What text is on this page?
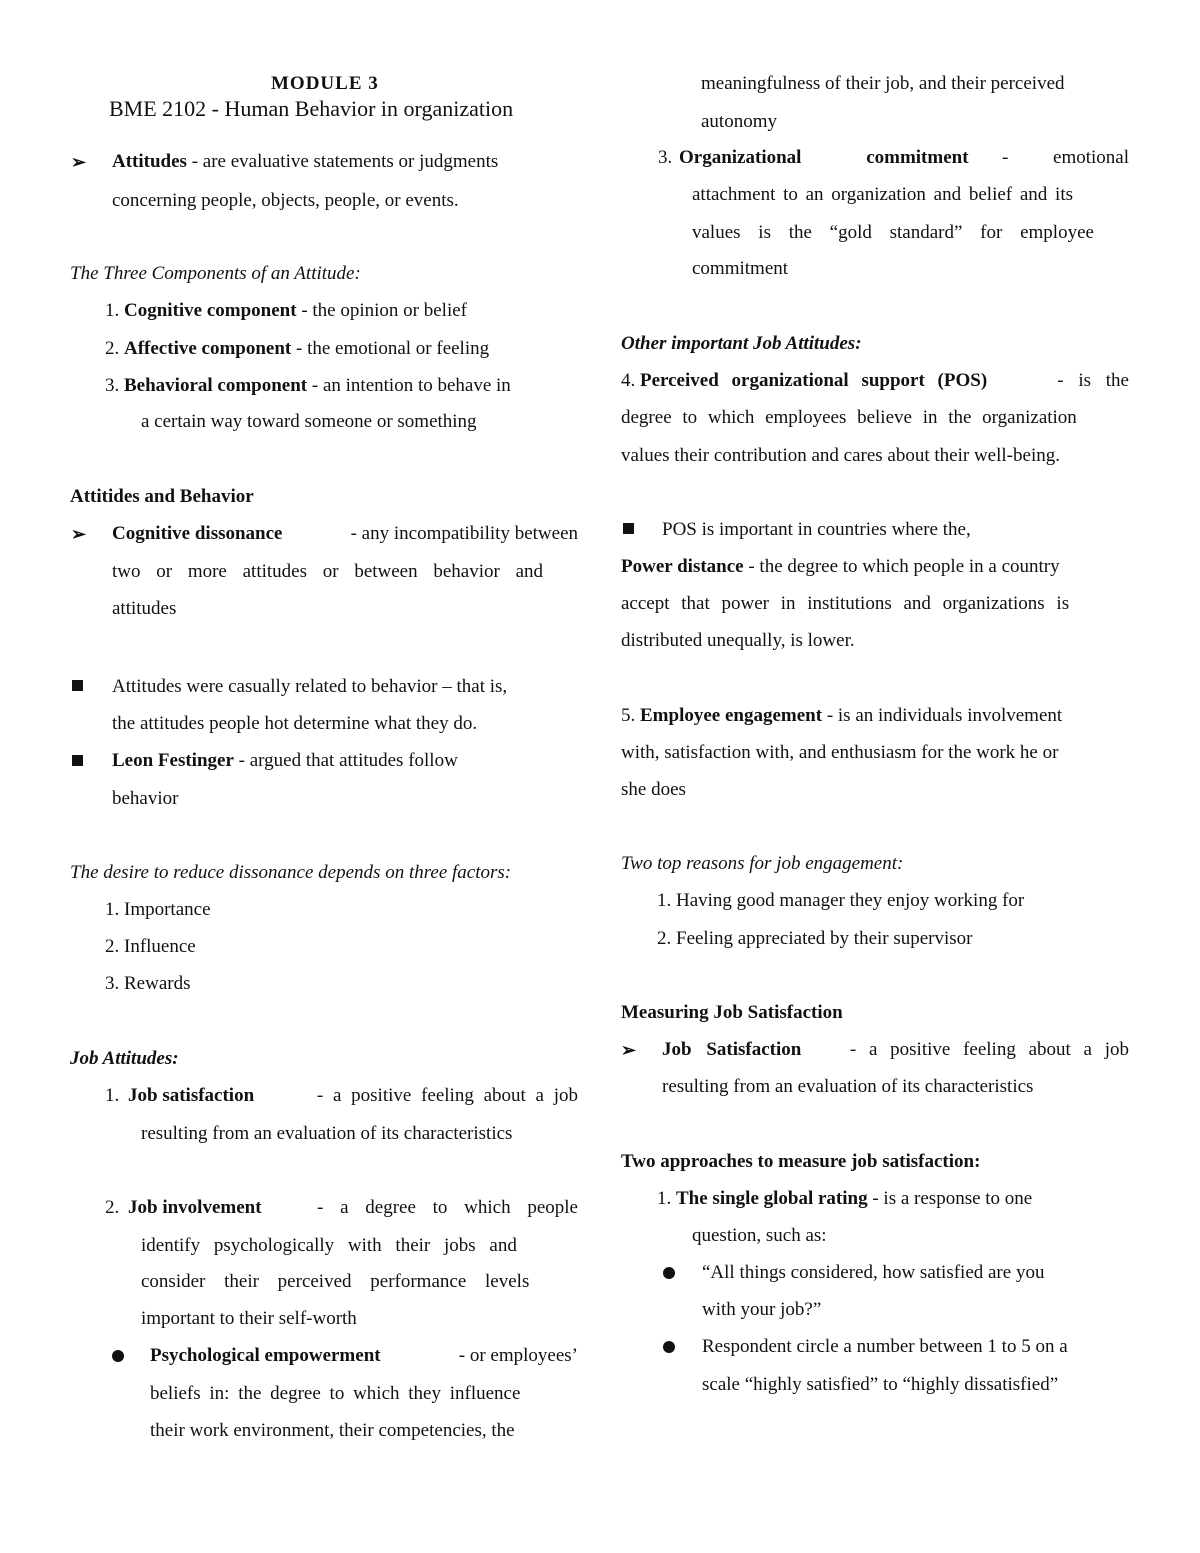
MODULE 3
BME 2102 - Human Behavior in organization
➢ Attitudes - are evaluative statements or judgments
concerning people, objects, people, or events.
The Three Components of an Attitude:
1. Cognitive component - the opinion or belief
2. Affective component - the emotional or feeling
3. Behavioral component - an intention to behave in
a certain way toward someone or something
Attitides and Behavior
➢ Cognitive dissonance	- any incompatibility between
two or more attitudes or between behavior and
attitudes
Attitudes were casually related to behavior – that is,
the attitudes people hot determine what they do.
Leon Festinger - argued that attitudes follow
behavior
The desire to reduce dissonance depends on three factors:
1. Importance
2. Influence
3. Rewards
Job Attitudes:
1. Job satisfaction	- a positive feeling about a job
resulting from an evaluation of its characteristics
2. Job involvement	- a degree to which people
identify psychologically with their jobs and
consider their perceived performance levels
important to their self-worth
Psychological empowerment	- or employees’
beliefs in: the degree to which they influence
their work environment, their competencies, the
meaningfulness of their job, and their perceived
autonomy
3. Organizational commitment - emotional
attachment to an organization and belief and its
values is the “gold standard” for employee
commitment
Other important Job Attitudes:
4. Perceived organizational support (POS)	- is the
degree to which employees believe in the organization
values their contribution and cares about their well-being.
POS is important in countries where the,
Power distance - the degree to which people in a country
accept that power in institutions and organizations is
distributed unequally, is lower.
5. Employee engagement - is an individuals involvement
with, satisfaction with, and enthusiasm for the work he or
she does
Two top reasons for job engagement:
1. Having good manager they enjoy working for
2. Feeling appreciated by their supervisor
Measuring Job Satisfaction
➢ Job Satisfaction	- a positive feeling about a job
resulting from an evaluation of its characteristics
Two approaches to measure job satisfaction:
1. The single global rating - is a response to one
question, such as:
“All things considered, how satisfied are you
with your job?”
Respondent circle a number between 1 to 5 on a
scale “highly satisfied” to “highly dissatisfied”
